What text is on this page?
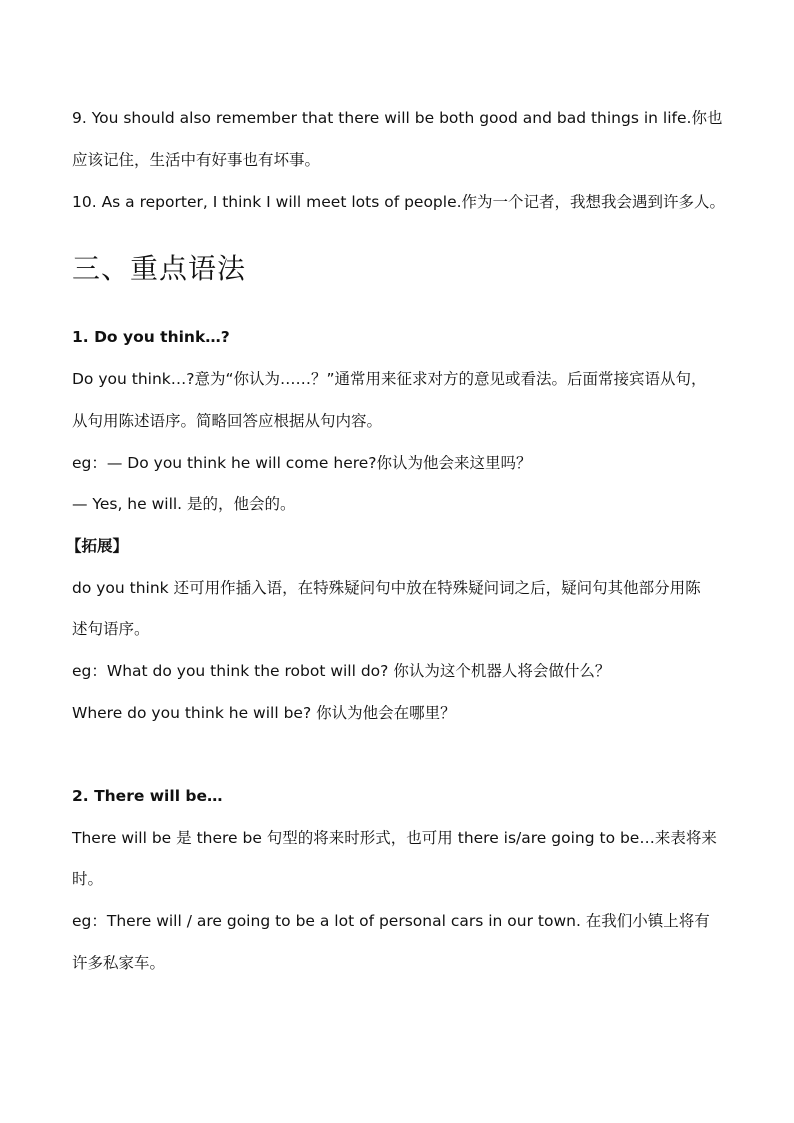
9. You should also remember that there will be both good and bad things in life.你也
应该记住，生活中有好事也有坏事。
10. As a reporter, I think I will meet lots of people.作为一个记者，我想我会遇到许多人。
三、重点语法
1. Do you think…?
Do you think…?意为“你认为……？”通常用来征求对方的意见或看法。后面常接宾语从句，
从句用陈述语序。简略回答应根据从句内容。
eg：— Do you think he will come here?你认为他会来这里吗？
— Yes, he will. 是的，他会的。
【拓展】
do you think 还可用作插入语，在特殊疑问句中放在特殊疑问词之后，疑问句其他部分用陈
述句语序。
eg：What do you think the robot will do? 你认为这个机器人将会做什么？
Where do you think he will be? 你认为他会在哪里？
2. There will be…
There will be 是 there be 句型的将来时形式，也可用 there is/are going to be…来表将来
时。
eg：There will / are going to be a lot of personal cars in our town. 在我们小镇上将有
许多私家车。
